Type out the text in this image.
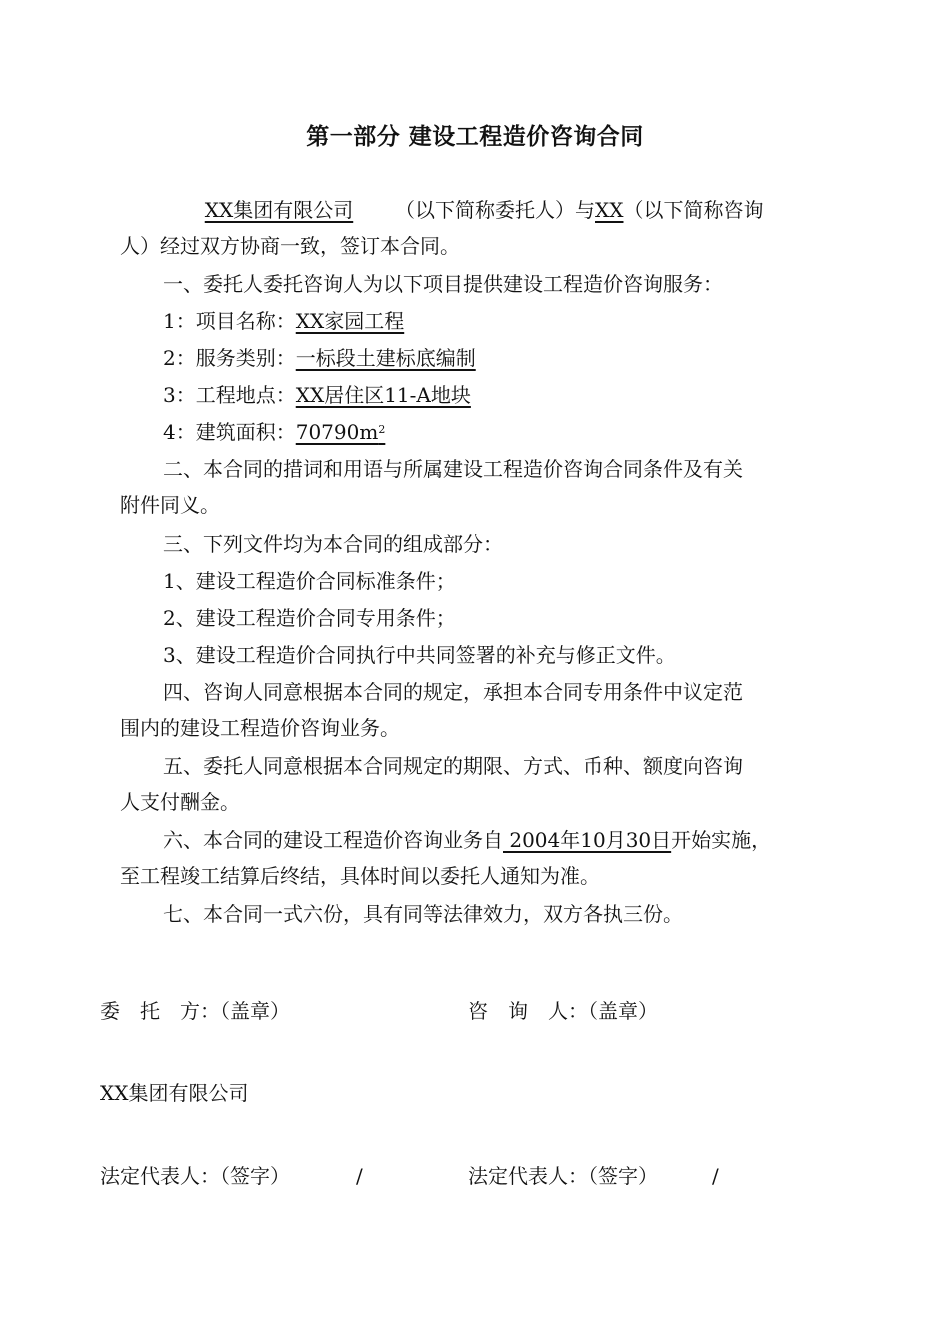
第一部分 建设工程造价咨询合同
XX集团有限公司 （以下简称委托人）与XX（以下简称咨询
人）经过双方协商一致，签订本合同。
一、委托人委托咨询人为以下项目提供建设工程造价咨询服务：
1：项目名称：XX家园工程
2：服务类别：一标段土建标底编制
3：工程地点：XX居住区11-A地块
4：建筑面积：$70790m^2$
二、本合同的措词和用语与所属建设工程造价咨询合同条件及有关
附件同义。
三、下列文件均为本合同的组成部分：
1、建设工程造价合同标准条件；
2、建设工程造价合同专用条件；
3、建设工程造价合同执行中共同签署的补充与修正文件。
四、咨询人同意根据本合同的规定，承担本合同专用条件中议定范
围内的建设工程造价咨询业务。
五、委托人同意根据本合同规定的期限、方式、币种、额度向咨询
人支付酬金。
六、本合同的建设工程造价咨询业务自 2004年10月30日开始实施，
至工程竣工结算后终结，具体时间以委托人通知为准。
七、本合同一式六份，具有同等法律效力，双方各执三份。
委　托　方：（盖章）	咨　询　人：（盖章）
XX集团有限公司
法定代表人：（签字）	/	法定代表人：（签字）	/
